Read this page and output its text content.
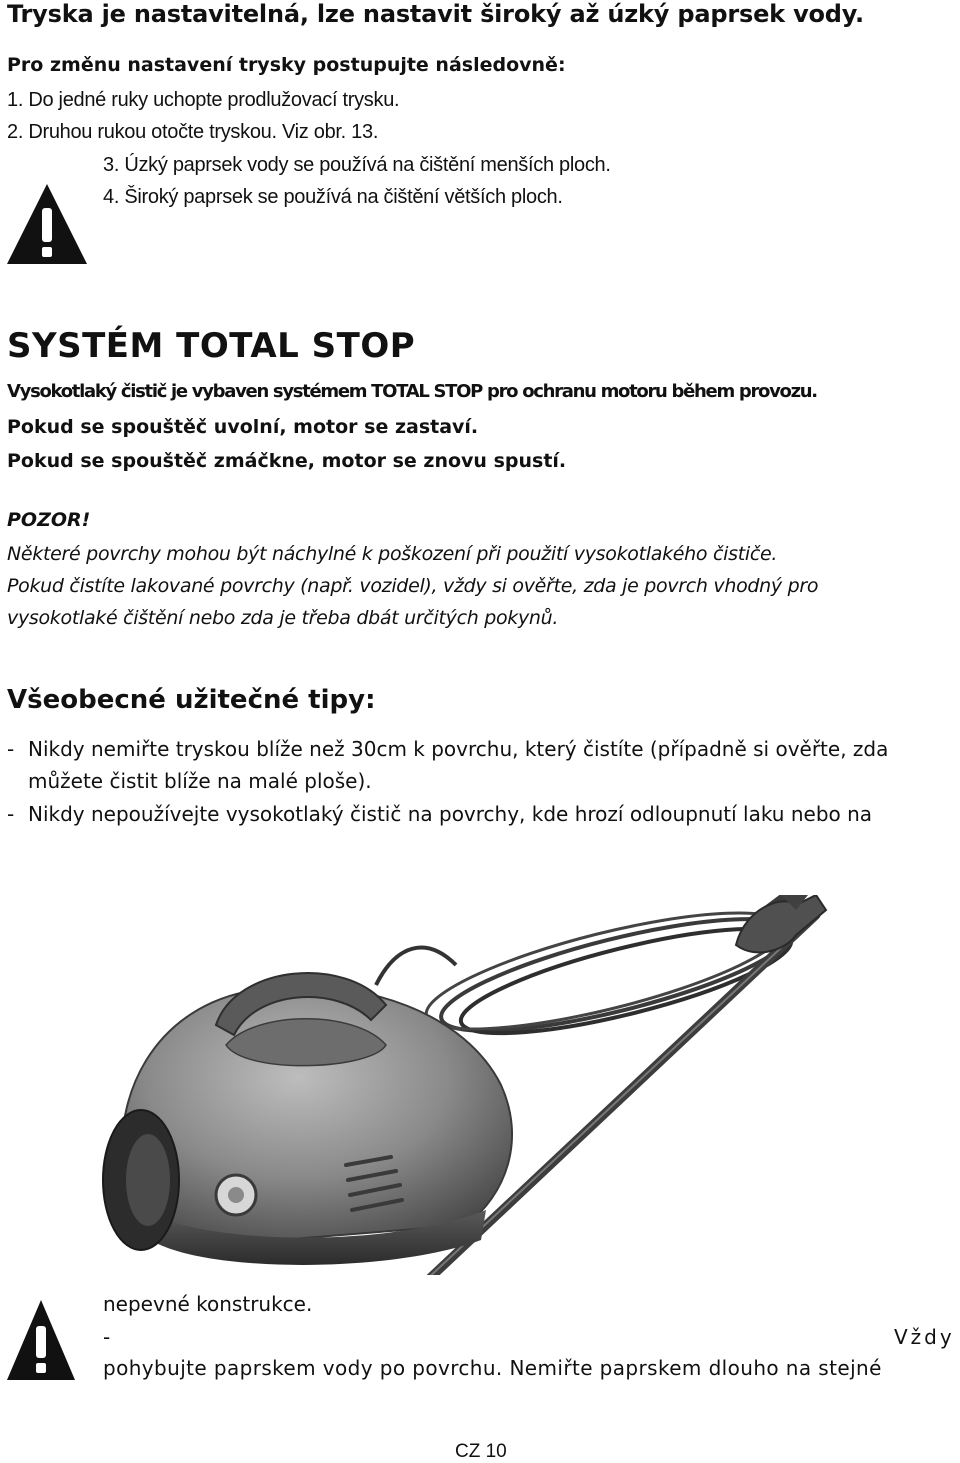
Tryska je nastavitelná, lze nastavit široký až úzký paprsek vody.
Pro změnu nastavení trysky postupujte následovně:
1. Do jedné ruky uchopte prodlužovací trysku.
2. Druhou rukou otočte tryskou. Viz obr. 13.
3. Úzký paprsek vody se používá na čištění menších ploch.
4. Široký paprsek se používá na čištění větších ploch.
SYSTÉM TOTAL STOP
Vysokotlaký čistič je vybaven systémem TOTAL STOP pro ochranu motoru během provozu.
Pokud se spouštěč uvolní, motor se zastaví.
Pokud se spouštěč zmáčkne, motor se znovu spustí.
POZOR!
Některé povrchy mohou být náchylné k poškození při použití vysokotlakého čističe.
Pokud čistíte lakované povrchy (např. vozidel), vždy si ověřte, zda je povrch vhodný pro
vysokotlaké čištění nebo zda je třeba dbát určitých pokynů.
Všeobecné užitečné tipy:
- Nikdy nemiřte tryskou blíže než 30cm k povrchu, který čistíte (případně si ověřte, zda
můžete čistit blíže na malé ploše).
- Nikdy nepoužívejte vysokotlaký čistič na povrchy, kde hrozí odloupnutí laku nebo na
nepevné konstrukce.
-	Vždy
pohybujte paprskem vody po povrchu. Nemiřte paprskem dlouho na stejné
CZ 10
